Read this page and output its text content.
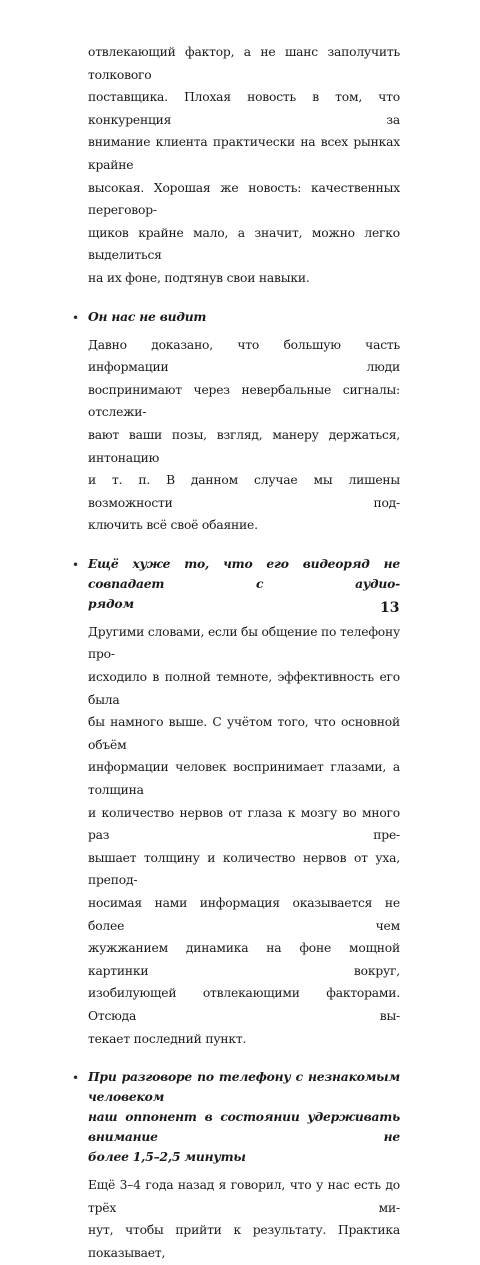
отвлекающий фактор, а не шанс заполучить толкового
поставщика. Плохая новость в том, что конкуренция за
внимание клиента практически на всех рынках крайне
высокая. Хорошая же новость: качественных переговор-
щиков крайне мало, а значит, можно легко выделиться
на их фоне, подтянув свои навыки.

• Он нас не видит

Давно доказано, что большую часть информации люди
воспринимают через невербальные сигналы: отслежи-
вают ваши позы, взгляд, манеру держаться, интонацию
и т. п. В данном случае мы лишены возможности под-
ключить всё своё обаяние.

• Ещё хуже то, что его видеоряд не совпадает с аудио-
рядом

Другими словами, если бы общение по телефону про-
исходило в полной темноте, эффективность его была
бы намного выше. С учётом того, что основной объём
информации человек воспринимает глазами, а толщина
и количество нервов от глаза к мозгу во много раз пре-
вышает толщину и количество нервов от уха, препод-
носимая нами информация оказывается не более чем
жужжанием динамика на фоне мощной картинки вокруг,
изобилующей отвлекающими факторами. Отсюда вы-
текает последний пункт.

• При разговоре по телефону с незнакомым человеком
наш оппонент в состоянии удерживать внимание не
более 1,5–2,5 минуты

Ещё 3–4 года назад я говорил, что у нас есть до трёх ми-
нут, чтобы прийти к результату. Практика показывает,

13
